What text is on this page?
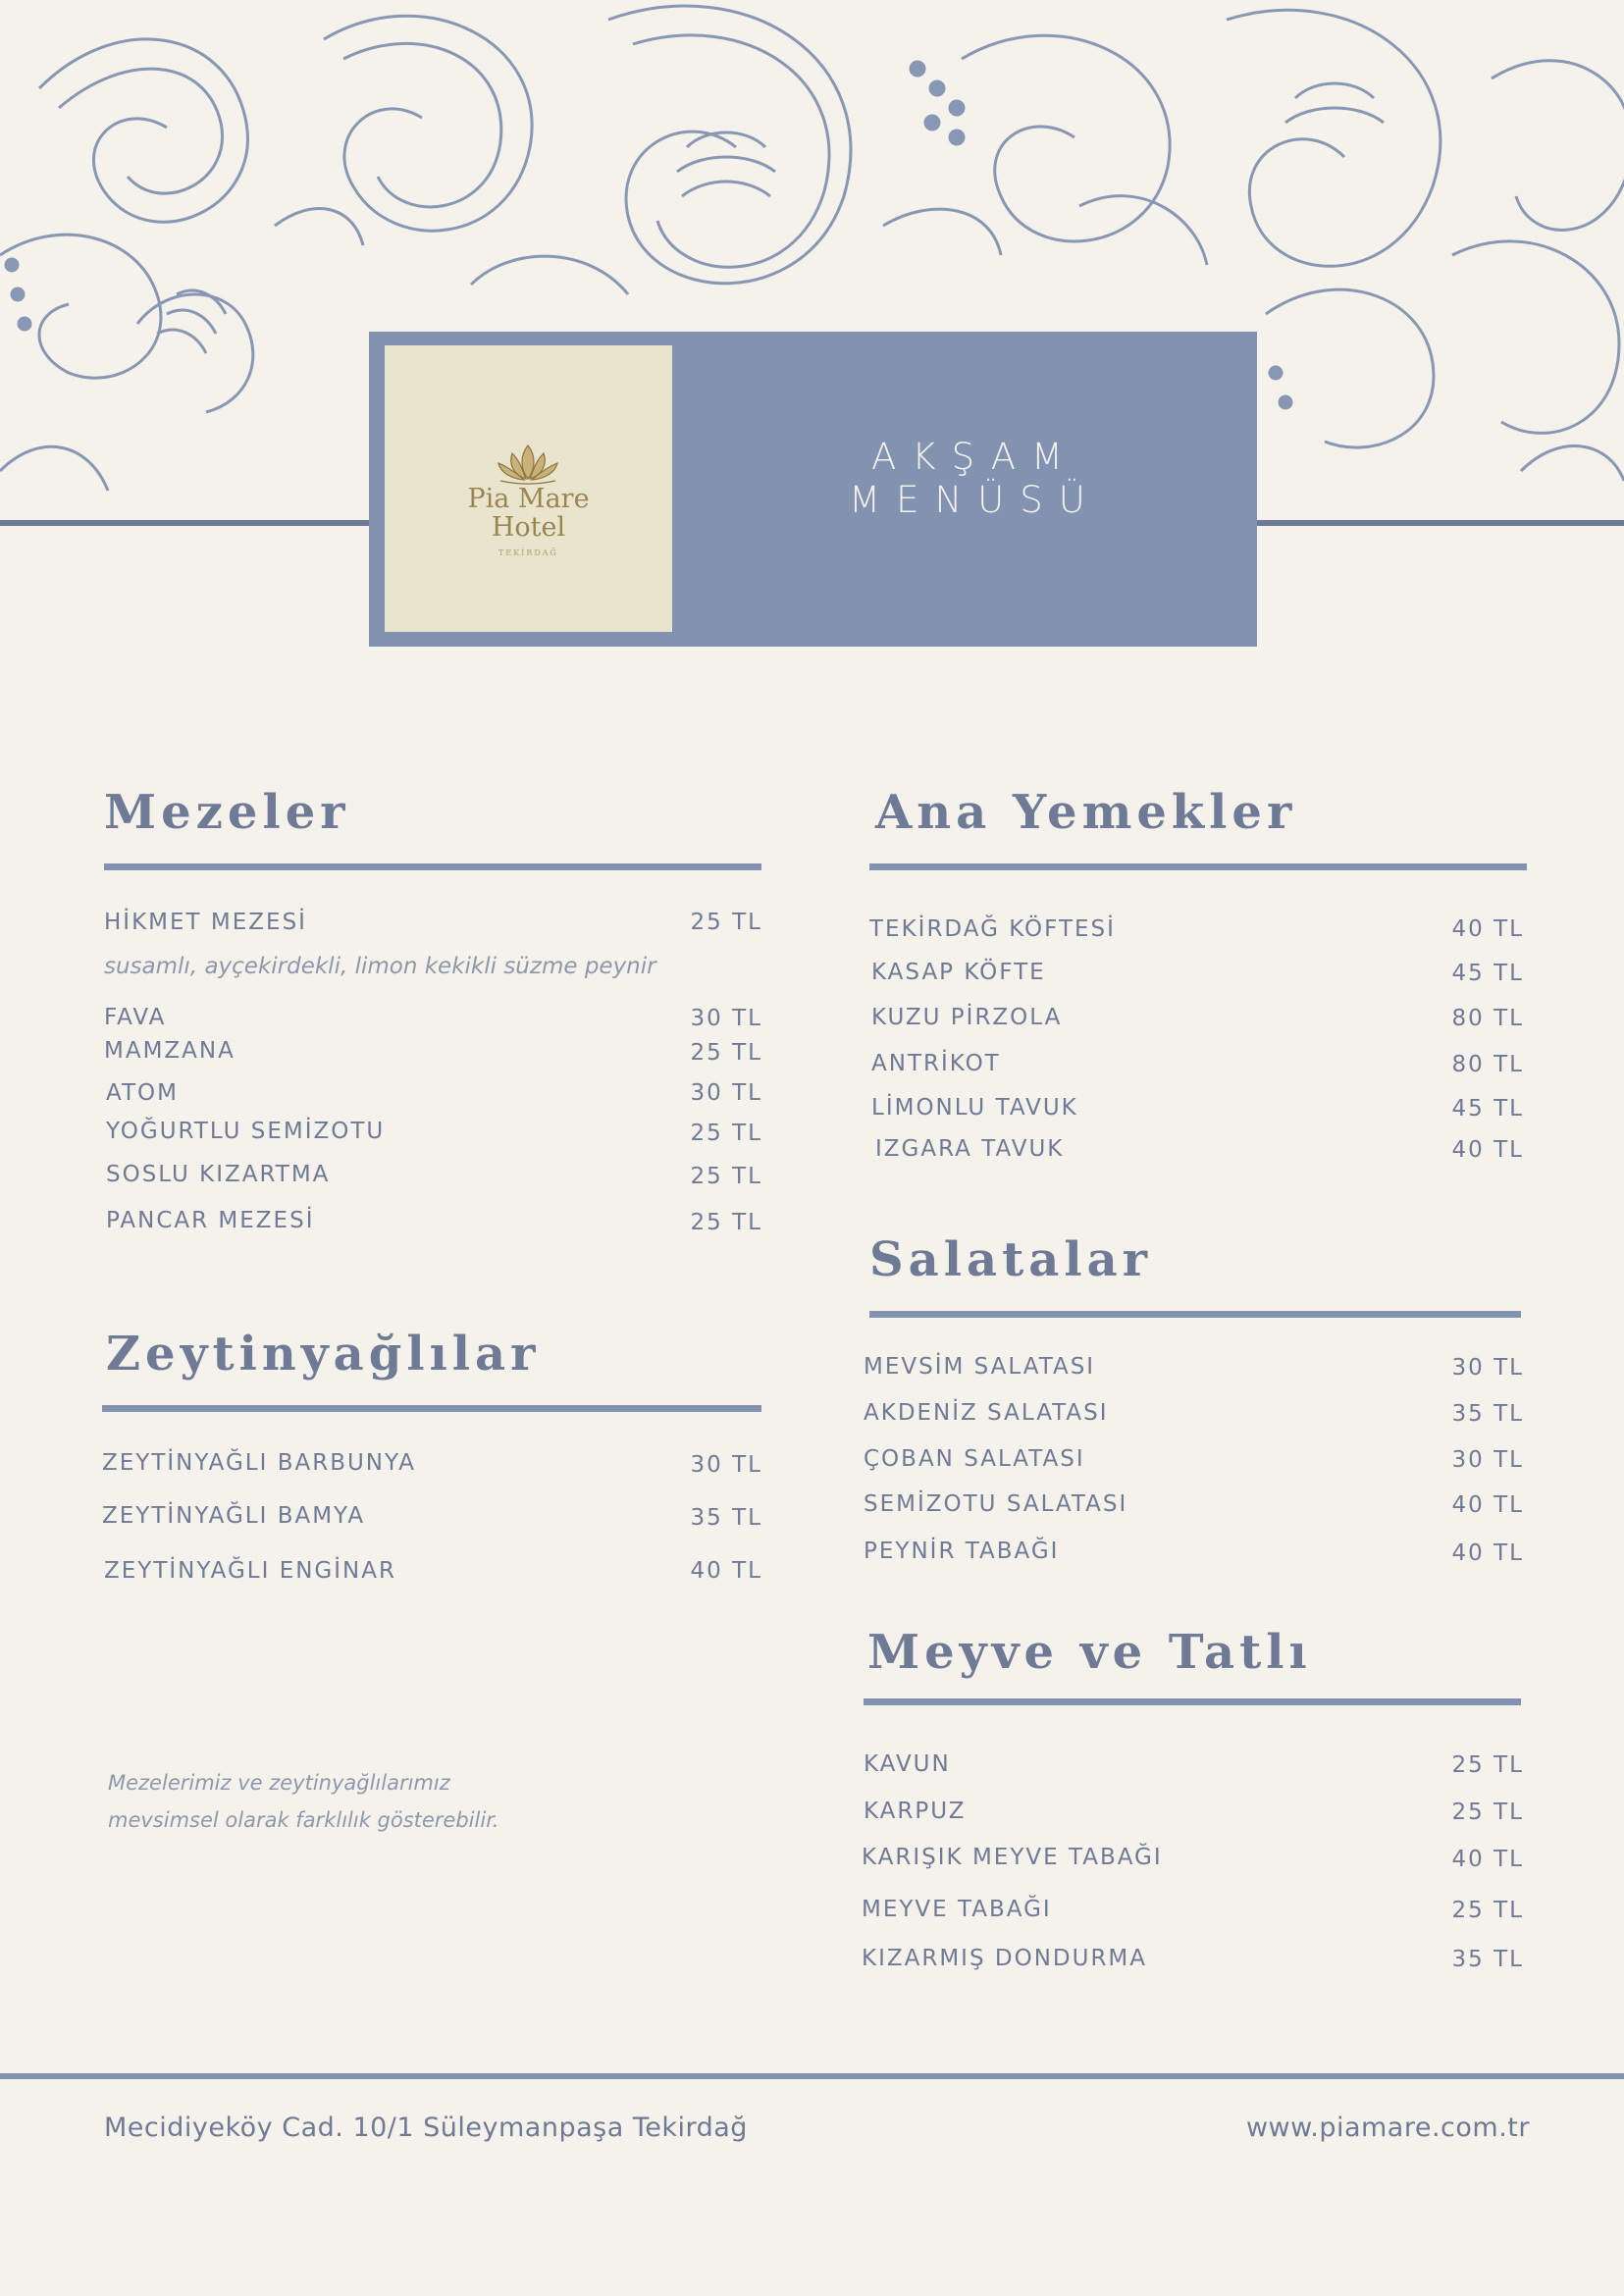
Pia Mare
Hotel
TEKİRDAĞ
AKŞAM
MENÜSÜ
Mezeler
HİKMET MEZESİ	25 TL
susamlı, ayçekirdekli, limon kekikli süzme peynir
FAVA	30 TL
MAMZANA	25 TL
ATOM	30 TL
YOĞURTLU SEMİZOTU	25 TL
SOSLU KIZARTMA	25 TL
PANCAR MEZESİ	25 TL
Zeytinyağlılar
ZEYTİNYAĞLI BARBUNYA	30 TL
ZEYTİNYAĞLI BAMYA	35 TL
ZEYTİNYAĞLI ENGİNAR	40 TL
Mezelerimiz ve zeytinyağlılarımız
mevsimsel olarak farklılık gösterebilir.
Ana Yemekler
TEKİRDAĞ KÖFTESİ	40 TL
KASAP KÖFTE	45 TL
KUZU PİRZOLA	80 TL
ANTRİKOT	80 TL
LİMONLU TAVUK	45 TL
IZGARA TAVUK	40 TL
Salatalar
MEVSİM SALATASI	30 TL
AKDENİZ SALATASI	35 TL
ÇOBAN SALATASI	30 TL
SEMİZOTU SALATASI	40 TL
PEYNİR TABAĞI	40 TL
Meyve ve Tatlı
KAVUN	25 TL
KARPUZ	25 TL
KARIŞIK MEYVE TABAĞI	40 TL
MEYVE TABAĞI	25 TL
KIZARMIŞ DONDURMA	35 TL
Mecidiyeköy Cad. 10/1 Süleymanpaşa Tekirdağ	www.piamare.com.tr
